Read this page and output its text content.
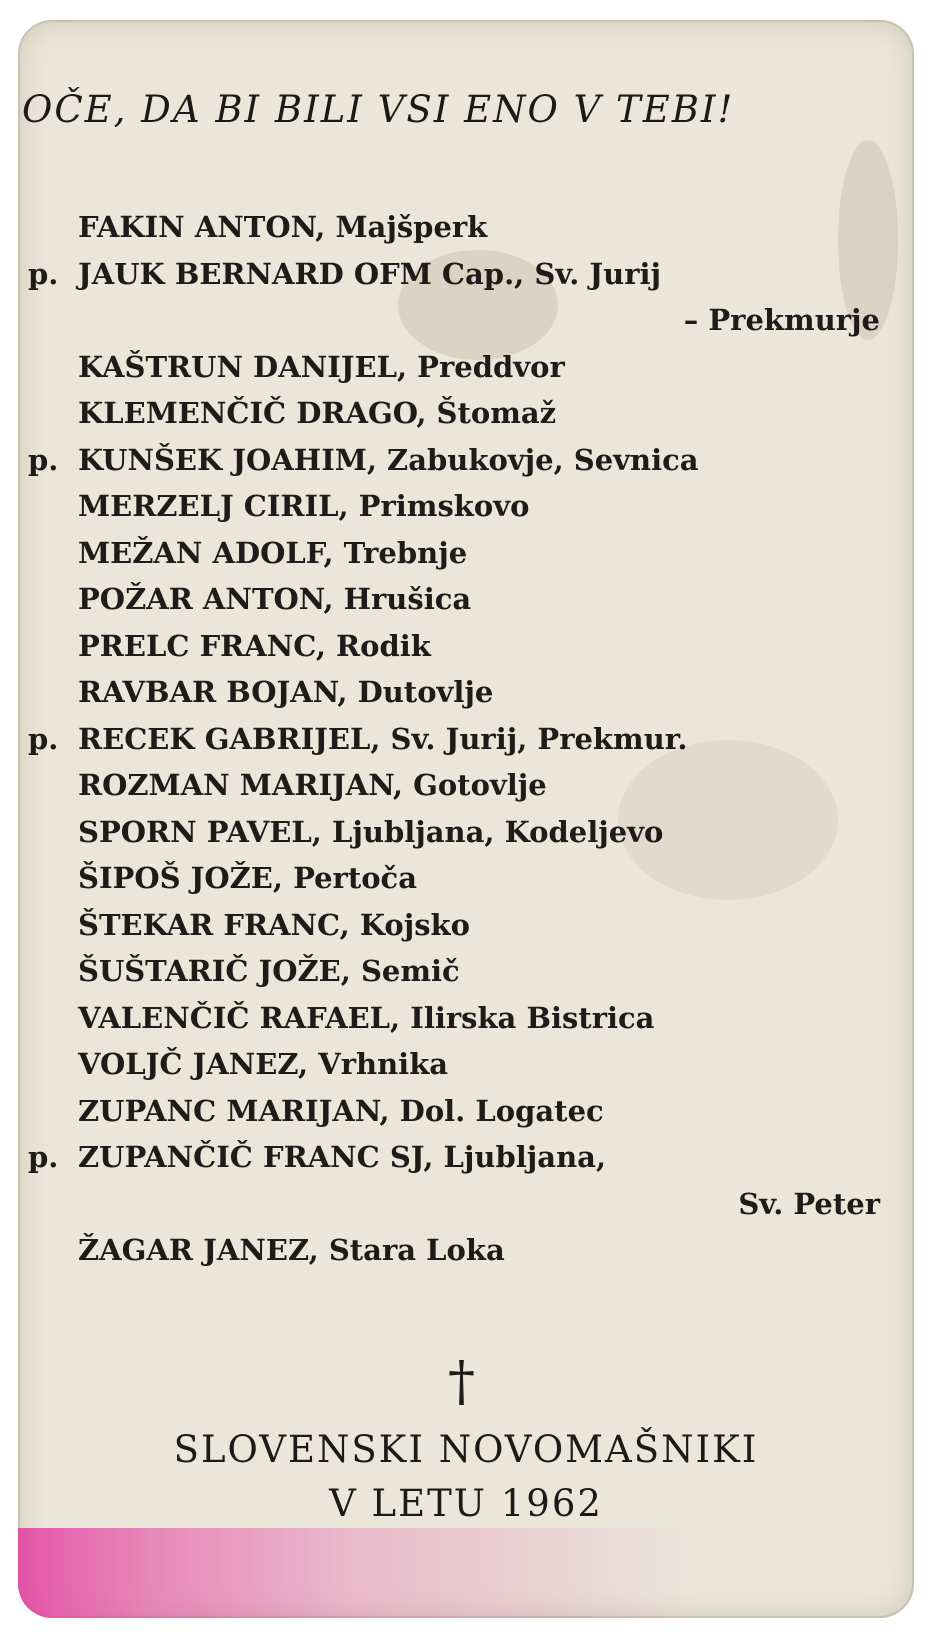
OČE, DA BI BILI VSI ENO V TEBI!
FAKIN ANTON, Majšperk
p. JAUK BERNARD OFM Cap., Sv. Jurij
– Prekmurje
KAŠTRUN DANIJEL, Preddvor
KLEMENČIČ DRAGO, Štomaž
p. KUNŠEK JOAHIM, Zabukovje, Sevnica
MERZELJ CIRIL, Primskovo
MEŽAN ADOLF, Trebnje
POŽAR ANTON, Hrušica
PRELC FRANC, Rodik
RAVBAR BOJAN, Dutovlje
p. RECEK GABRIJEL, Sv. Jurij, Prekmur.
ROZMAN MARIJAN, Gotovlje
SPORN PAVEL, Ljubljana, Kodeljevo
ŠIPOŠ JOŽE, Pertoča
ŠTEKAR FRANC, Kojsko
ŠUŠTARIČ JOŽE, Semič
VALENČIČ RAFAEL, Ilirska Bistrica
VOLJČ JANEZ, Vrhnika
ZUPANC MARIJAN, Dol. Logatec
p. ZUPANČIČ FRANC SJ, Ljubljana,
Sv. Peter
ŽAGAR JANEZ, Stara Loka
†
SLOVENSKI NOVOMAŠNIKI
V LETU 1962
